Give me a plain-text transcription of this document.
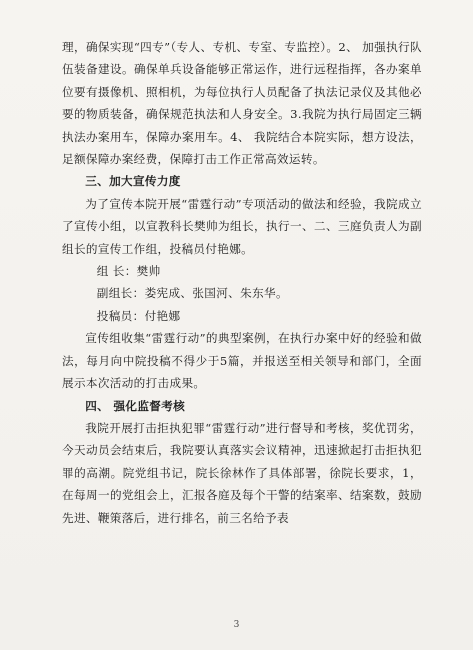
理，确保实现“四专”（专人、专机、专室、专监控）。2、 加强执行队伍装备建设。确保单兵设备能够正常运作，进行远程指挥，各办案单位要有摄像机、照相机，为每位执行人员配备了执法记录仪及其他必要的物质装备，确保规范执法和人身安全。3.我院为执行局固定三辆执法办案用车，保障办案用车。4、 我院结合本院实际，想方设法，足额保障办案经费，保障打击工作正常高效运转。

三、加大宣传力度

为了宣传本院开展“雷霆行动”专项活动的做法和经验，我院成立了宣传小组，以宣教科长樊帅为组长，执行一、二、三庭负责人为副组长的宣传工作组，投稿员付艳娜。

组 长：樊帅

副组长：娄宪成、张国河、朱东华。

投稿员：付艳娜

宣传组收集“雷霆行动”的典型案例，在执行办案中好的经验和做法，每月向中院投稿不得少于5篇，并报送至相关领导和部门，全面展示本次活动的打击成果。

四、 强化监督考核

我院开展打击拒执犯罪“雷霆行动”进行督导和考核，奖优罚劣，今天动员会结束后，我院要认真落实会议精神，迅速掀起打击拒执犯罪的高潮。院党组书记，院长徐林作了具体部署，徐院长要求，1，在每周一的党组会上，汇报各庭及每个干警的结案率、结案数，鼓励先进、鞭策落后，进行排名，前三名给予表

3
